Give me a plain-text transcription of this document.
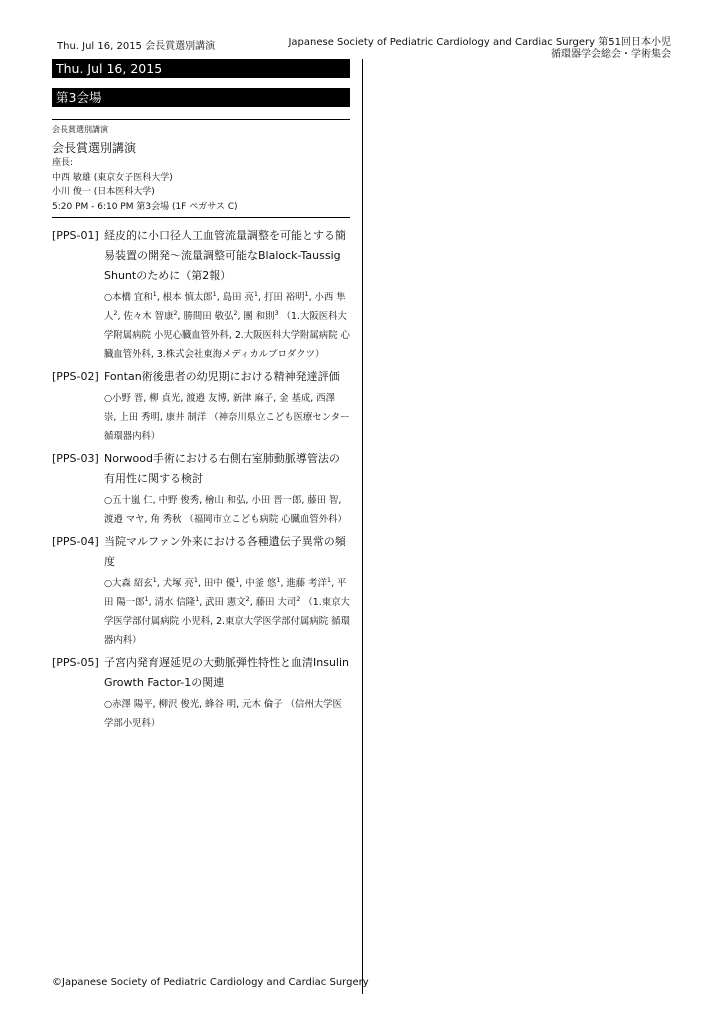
Thu. Jul 16, 2015 会長賞選別講演	Japanese Society of Pediatric Cardiology and Cardiac Surgery 第51回日本小児
循環器学会総会・学術集会
Thu. Jul 16, 2015
第3会場
会長賞選別講演
会長賞選別講演
座長:
中西 敏雄 (東京女子医科大学)
小川 俊一 (日本医科大学)
5:20 PM - 6:10 PM 第3会場 (1F ペガサス C)
[PPS-01] 経皮的に小口径人工血管流量調整を可能とする簡易装置の開発～流量調整可能なBlalock-Taussig Shuntのために（第2報）
○本橋 宜和$^1$, 根本 慎太郎$^1$, 島田 亮$^1$, 打田 裕明$^1$, 小西 隼人$^2$, 佐々木 智康$^2$, 勝間田 敬弘$^2$, 團 和則$^3$ （1.大阪医科大学附属病院 小児心臓血管外科, 2.大阪医科大学附属病院 心臓血管外科, 3.株式会社東海メディカルプロダクツ）
[PPS-02] Fontan術後患者の幼児期における精神発達評価
○小野 晋, 柳 貞光, 渡邉 友博, 新津 麻子, 金 基成, 西澤 崇, 上田 秀明, 康井 制洋 （神奈川県立こども医療センター 循環器内科）
[PPS-03] Norwood手術における右側右室肺動脈導管法の有用性に関する検討
○五十嵐 仁, 中野 俊秀, 檜山 和弘, 小田 晋一郎, 藤田 智, 渡邉 マヤ, 角 秀秋 （福岡市立こども病院 心臓血管外科）
[PPS-04] 当院マルファン外来における各種遺伝子異常の頻度
○大森 紹玄$^1$, 犬塚 亮$^1$, 田中 優$^1$, 中釜 悠$^1$, 進藤 考洋$^1$, 平田 陽一郎$^1$, 清水 信隆$^1$, 武田 憲文$^2$, 藤田 大司$^2$ （1.東京大学医学部付属病院 小児科, 2.東京大学医学部付属病院 循環器内科）
[PPS-05] 子宮内発育遅延児の大動脈弾性特性と血清Insulin Growth Factor-1の関連
○赤澤 陽平, 柳沢 俊光, 蜂谷 明, 元木 倫子 （信州大学医学部小児科）
©Japanese Society of Pediatric Cardiology and Cardiac Surgery
